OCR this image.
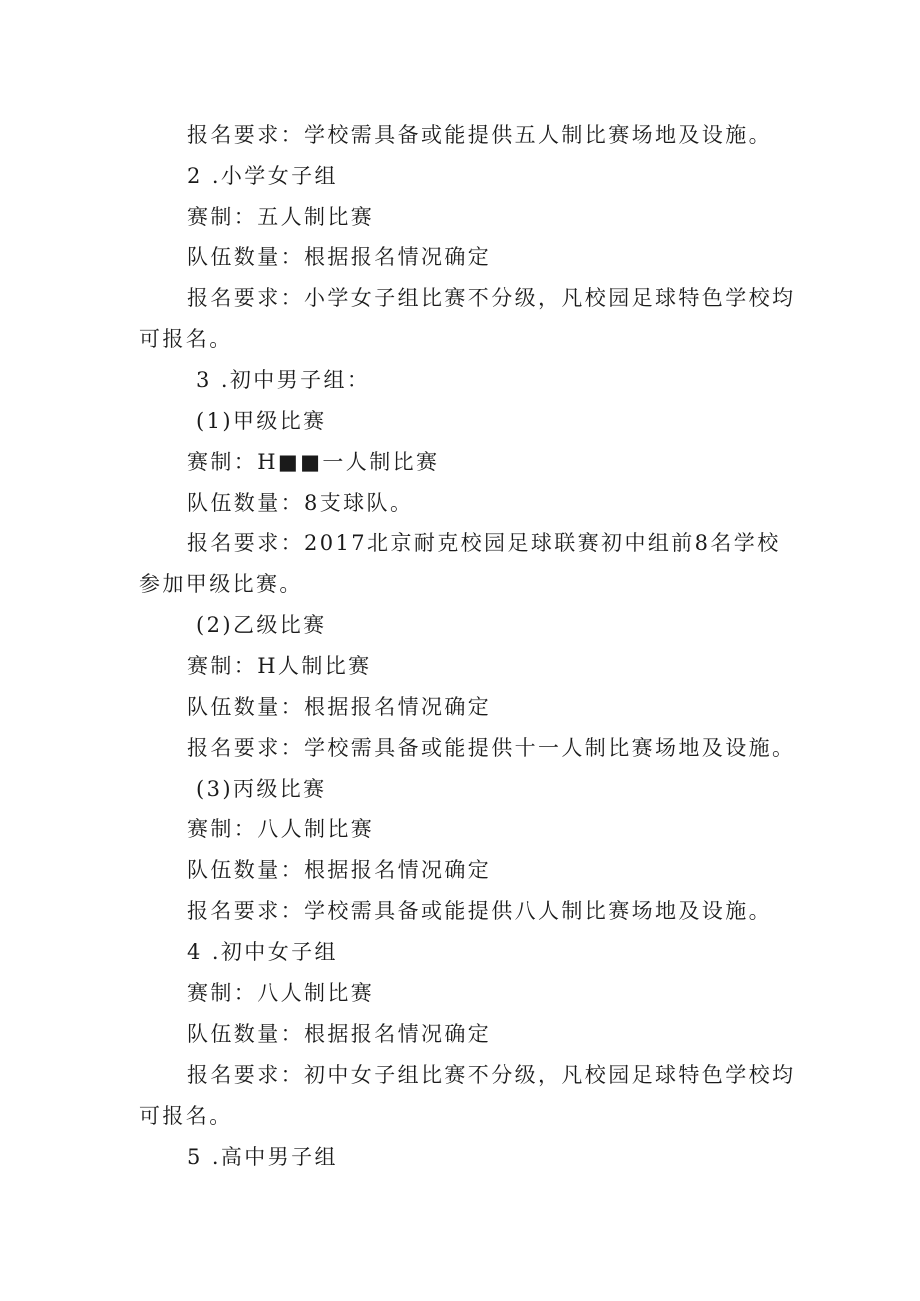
报名要求：学校需具备或能提供五人制比赛场地及设施。

2 .小学女子组

赛制：五人制比赛

队伍数量：根据报名情况确定

报名要求：小学女子组比赛不分级，凡校园足球特色学校均

可报名。

3 .初中男子组：

(1)甲级比赛

赛制：H■■一人制比赛

队伍数量：8支球队。

报名要求：2017北京耐克校园足球联赛初中组前8名学校

参加甲级比赛。

(2)乙级比赛

赛制：H人制比赛

队伍数量：根据报名情况确定

报名要求：学校需具备或能提供十一人制比赛场地及设施。

(3)丙级比赛

赛制：八人制比赛

队伍数量：根据报名情况确定

报名要求：学校需具备或能提供八人制比赛场地及设施。

4 .初中女子组

赛制：八人制比赛

队伍数量：根据报名情况确定

报名要求：初中女子组比赛不分级，凡校园足球特色学校均

可报名。

5 .高中男子组
